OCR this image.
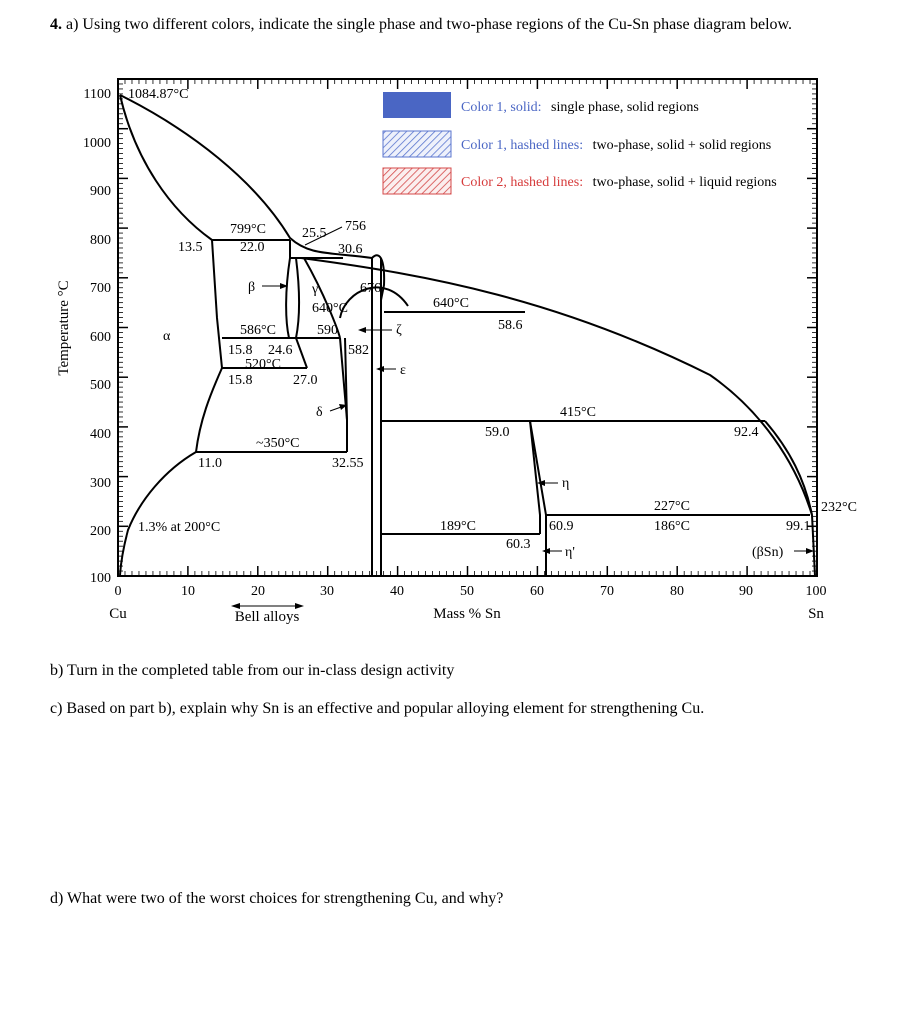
4. a) Using two different colors, indicate the single phase and two-phase regions of the Cu-Sn phase diagram below.
100
200
300
400
500
600
700
800
900
1000
1100
0	10	20	30	40	50	60	70	80	90	100
Temperature °C
Mass % Sn
Cu	Sn
Bell alloys
Color 1, solid: single phase, solid regions
Color 1, hashed lines: two-phase, solid + solid regions
Color 2, hashed lines: two-phase, solid + liquid regions
1084.87°C
799°C
13.5	22.0
25.5 756
30.6
β	γ	676
640°C	640°C
58.6
α	586°C	590	ζ
582
15.8 24.6
520°C	ε
15.8	27.0
δ	415°C
59.0	92.4
~350°C
11.0	32.55
η
227°C	232°C
1.3% at 200°C	189°C	60.9	186°C	99.1
60.3
η'	(βSn)
b) Turn in the completed table from our in-class design activity
c) Based on part b), explain why Sn is an effective and popular alloying element for strengthening Cu.
d) What were two of the worst choices for strengthening Cu, and why?
